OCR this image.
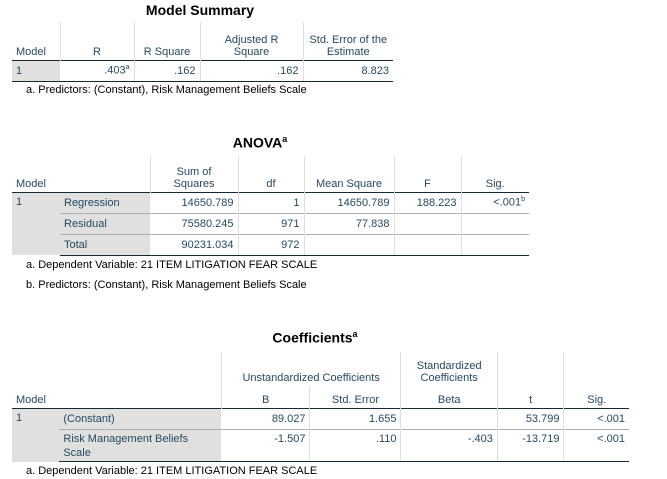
Model Summary
Model	R	R Square	Adjusted R
Square	Std. Error of the
Estimate
1	.403$^a$	.162	.162	8.823
a. Predictors: (Constant), Risk Management Beliefs Scale
ANOVA$^a$
Model		Sum of
Squares	df	Mean Square	F	Sig.
1	Regression	14650.789	1	14650.789	188.223	<.001$^b$
	Residual	75580.245	971	77.838		
	Total	90231.034	972			
a. Dependent Variable: 21 ITEM LITIGATION FEAR SCALE
b. Predictors: (Constant), Risk Management Beliefs Scale
Coefficients$^a$
		Unstandardized Coefficients		Standardized
Coefficients		
Model		B	Std. Error	Beta	t	Sig.
1	(Constant)	89.027	1.655		53.799	<.001
	Risk Management Beliefs
Scale	-1.507	.110	-.403	-13.719	<.001
a. Dependent Variable: 21 ITEM LITIGATION FEAR SCALE
